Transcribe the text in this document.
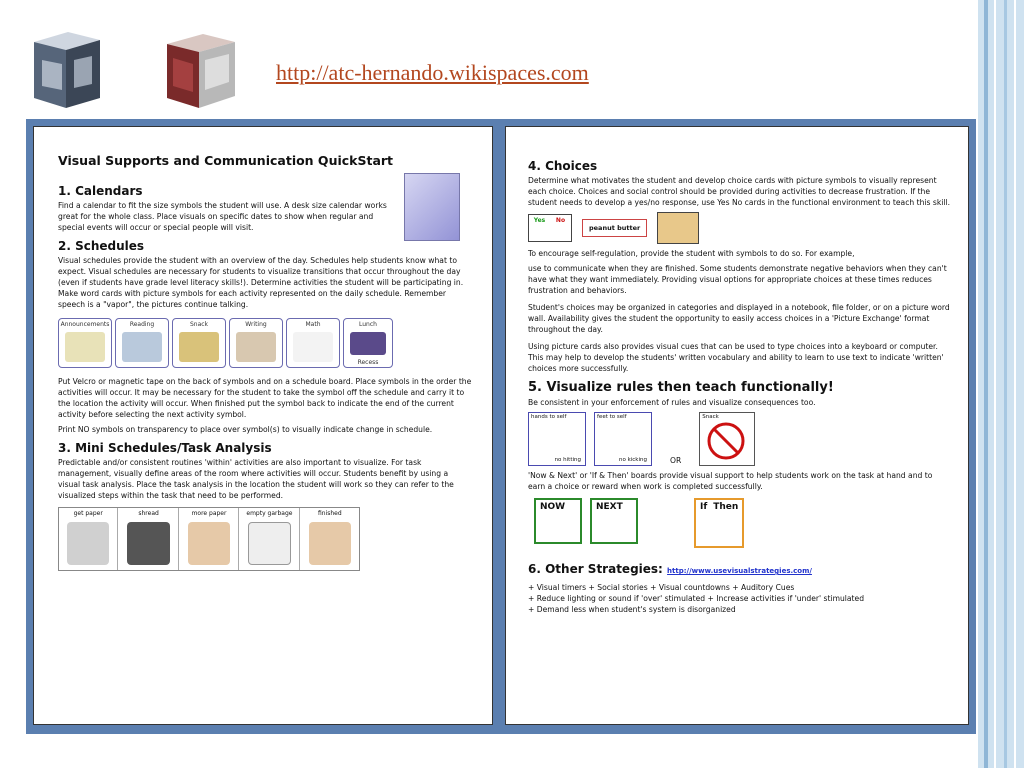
http://atc-hernando.wikispaces.com
Visual Supports and Communication QuickStart
1. Calendars
Find a calendar to fit the size symbols the student will use. A desk size calendar works great for the whole class. Place visuals on specific dates to show when regular and special events will occur or special people will visit.
2. Schedules
Visual schedules provide the student with an overview of the day. Schedules help students know what to expect. Visual schedules are necessary for students to visualize transitions that occur throughout the day (even if students have grade level literacy skills!). Determine activities the student will be participating in. Make word cards with picture symbols for each activity represented on the daily schedule. Remember speech is a "vapor", the pictures continue talking.
Announcements	Reading	Snack	Writing	Math	Lunch
Recess
Put Velcro or magnetic tape on the back of symbols and on a schedule board. Place symbols in the order the activities will occur. It may be necessary for the student to take the symbol off the schedule and carry it to the location the activity will occur. When finished put the symbol back to indicate the end of the current activity before selecting the next activity symbol.
Print NO symbols on transparency to place over symbol(s) to visually indicate change in schedule.
3. Mini Schedules/Task Analysis
Predictable and/or consistent routines 'within' activities are also important to visualize. For task management, visually define areas of the room where activities will occur. Students benefit by using a visual task analysis. Place the task analysis in the location the student will work so they can refer to the visualized steps within the task that need to be performed.
get paper	shread	more paper	empty garbage	finished
4. Choices
Determine what motivates the student and develop choice cards with picture symbols to visually represent each choice. Choices and social control should be provided during activities to decrease frustration. If the student needs to develop a yes/no response, use Yes No cards in the functional environment to teach this skill.
Yes	No
peanut butter
To encourage self-regulation, provide the student with symbols to do so. For example,
use to communicate when they are finished. Some students demonstrate negative behaviors when they can't have what they want immediately. Providing visual options for appropriate choices at these times reduces frustration and behaviors.
Student's choices may be organized in categories and displayed in a notebook, file folder, or on a picture word wall. Availability gives the student the opportunity to easily access choices in a 'Picture Exchange' format throughout the day.
Using picture cards also provides visual cues that can be used to type choices into a keyboard or computer. This may help to develop the students' written vocabulary and ability to learn to use text to indicate 'written' choices more successfully.
5. Visualize rules then teach functionally!
Be consistent in your enforcement of rules and visualize consequences too.
hands to self
no hitting
feet to self
no kicking	OR
Snack
'Now & Next' or 'If & Then' boards provide visual support to help students work on the task at hand and to earn a choice or reward when work is completed successfully.
NOW	NEXT	If Then
6. Other Strategies: http://www.usevisualstrategies.com/
+ Visual timers + Social stories + Visual countdowns + Auditory Cues
+ Reduce lighting or sound if 'over' stimulated + Increase activities if 'under' stimulated
+ Demand less when student's system is disorganized
